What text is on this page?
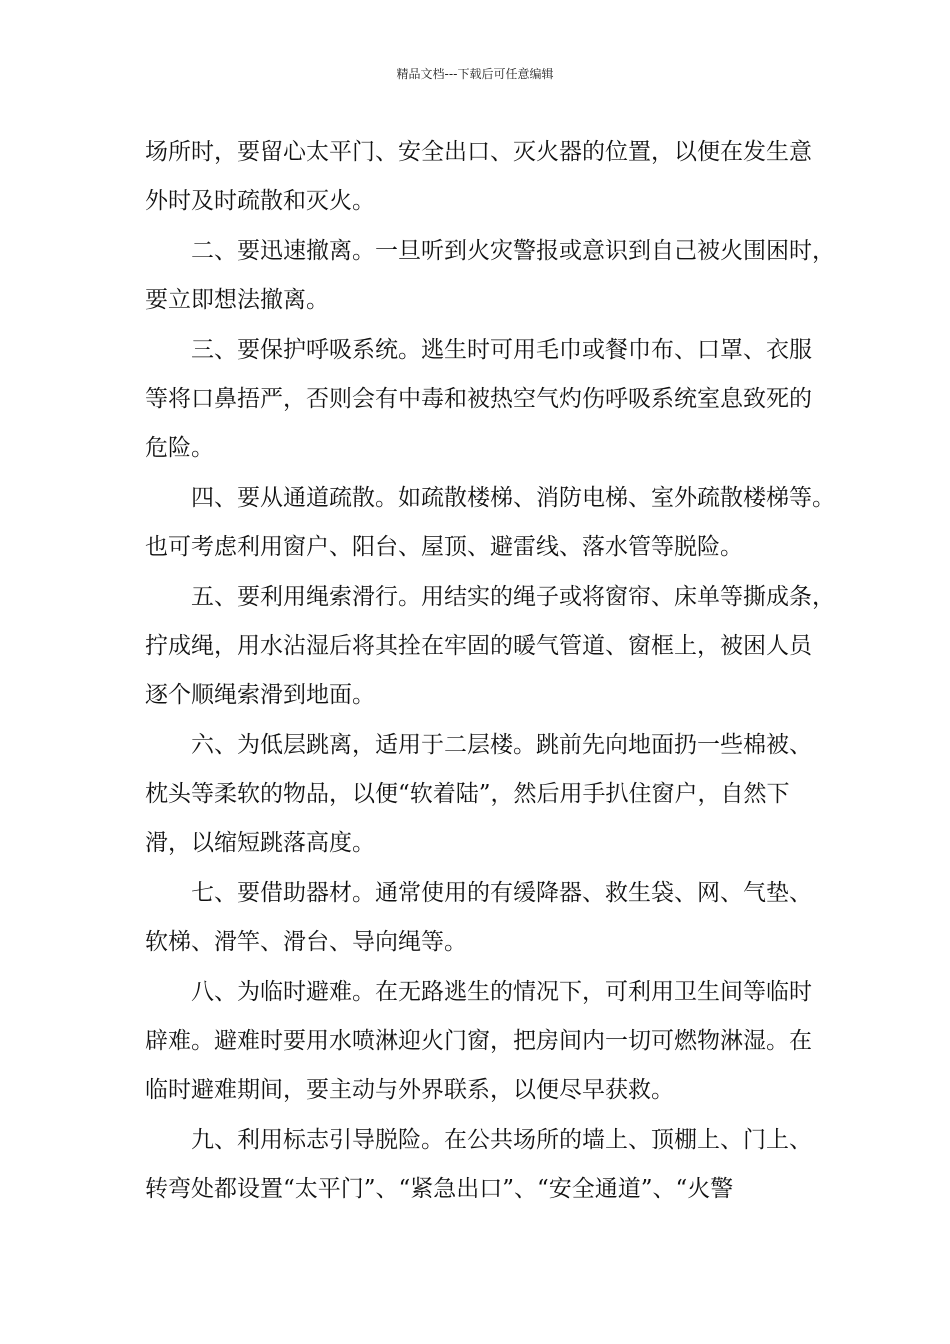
精品文档---下载后可任意编辑
场所时，要留心太平门、安全出口、灭火器的位置，以便在发生意
外时及时疏散和灭火。
二、要迅速撤离。一旦听到火灾警报或意识到自己被火围困时，
要立即想法撤离。
三、要保护呼吸系统。逃生时可用毛巾或餐巾布、口罩、衣服
等将口鼻捂严，否则会有中毒和被热空气灼伤呼吸系统室息致死的
危险。
四、要从通道疏散。如疏散楼梯、消防电梯、室外疏散楼梯等。
也可考虑利用窗户、阳台、屋顶、避雷线、落水管等脱险。
五、要利用绳索滑行。用结实的绳子或将窗帘、床单等撕成条，
拧成绳，用水沾湿后将其拴在牢固的暖气管道、窗框上，被困人员
逐个顺绳索滑到地面。
六、为低层跳离，适用于二层楼。跳前先向地面扔一些棉被、
枕头等柔软的物品，以便“软着陆”，然后用手扒住窗户，自然下
滑，以缩短跳落高度。
七、要借助器材。通常使用的有缓降器、救生袋、网、气垫、
软梯、滑竿、滑台、导向绳等。
八、为临时避难。在无路逃生的情况下，可利用卫生间等临时
辟难。避难时要用水喷淋迎火门窗，把房间内一切可燃物淋湿。在
临时避难期间，要主动与外界联系，以便尽早获救。
九、利用标志引导脱险。在公共场所的墙上、顶棚上、门上、
转弯处都设置“太平门”、“紧急出口”、“安全通道”、“火警
